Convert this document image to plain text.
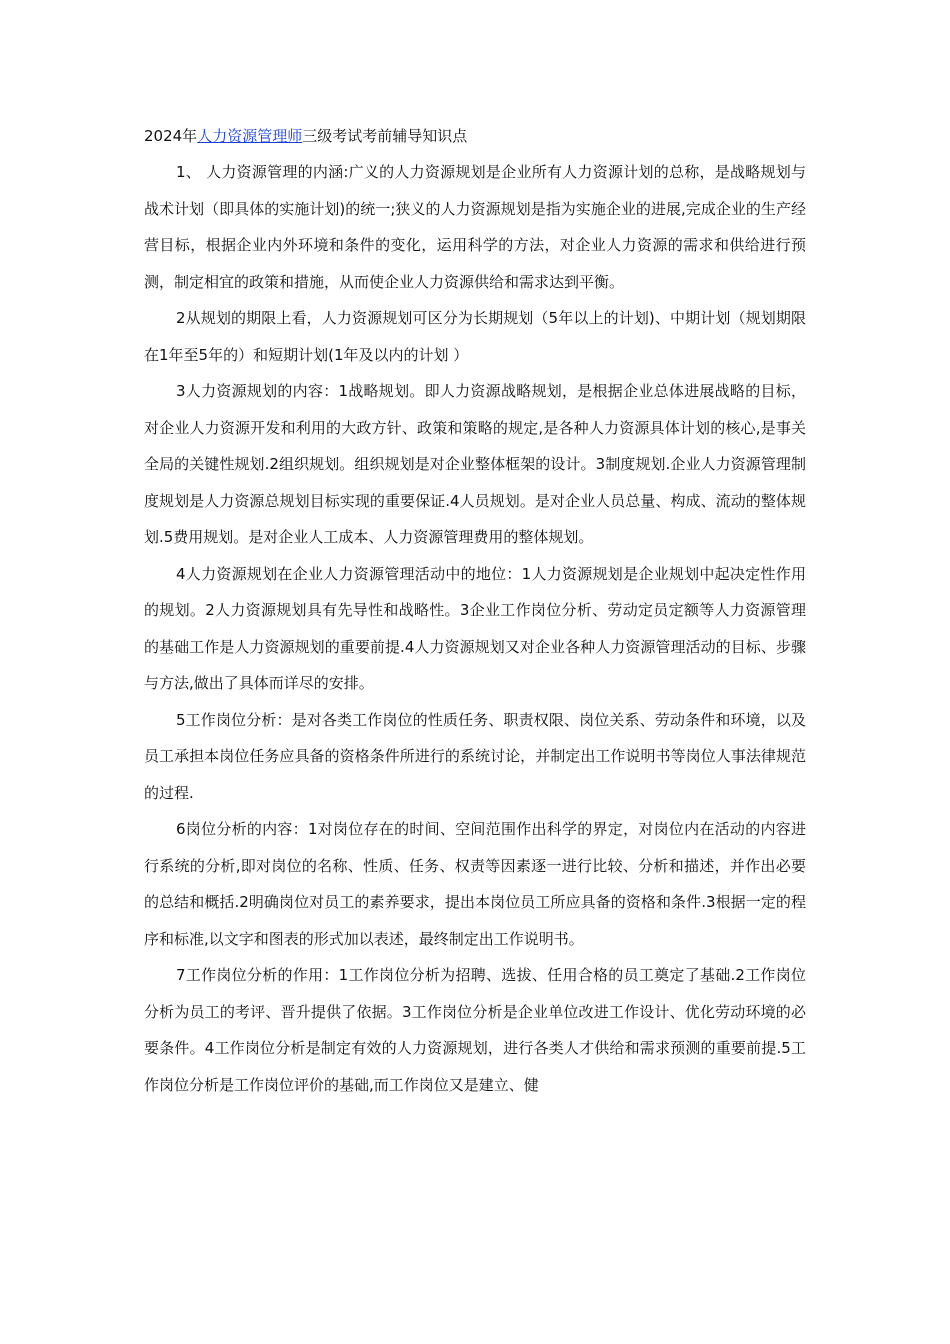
2024年人力资源管理师三级考试考前辅导知识点

1、 人力资源管理的内涵:广义的人力资源规划是企业所有人力资源计划的总称，是战略规划与战术计划（即具体的实施计划)的统一;狭义的人力资源规划是指为实施企业的进展,完成企业的生产经营目标，根据企业内外环境和条件的变化，运用科学的方法，对企业人力资源的需求和供给进行预测，制定相宜的政策和措施，从而使企业人力资源供给和需求达到平衡。

2从规划的期限上看，人力资源规划可区分为长期规划（5年以上的计划)、中期计划（规划期限在1年至5年的）和短期计划(1年及以内的计划 ）

3人力资源规划的内容：1战略规划。即人力资源战略规划，是根据企业总体进展战略的目标，对企业人力资源开发和利用的大政方针、政策和策略的规定,是各种人力资源具体计划的核心,是事关全局的关键性规划.2组织规划。组织规划是对企业整体框架的设计。3制度规划.企业人力资源管理制度规划是人力资源总规划目标实现的重要保证.4人员规划。是对企业人员总量、构成、流动的整体规划.5费用规划。是对企业人工成本、人力资源管理费用的整体规划。

4人力资源规划在企业人力资源管理活动中的地位：1人力资源规划是企业规划中起决定性作用的规划。2人力资源规划具有先导性和战略性。3企业工作岗位分析、劳动定员定额等人力资源管理的基础工作是人力资源规划的重要前提.4人力资源规划又对企业各种人力资源管理活动的目标、步骤与方法,做出了具体而详尽的安排。

5工作岗位分析：是对各类工作岗位的性质任务、职责权限、岗位关系、劳动条件和环境，以及员工承担本岗位任务应具备的资格条件所进行的系统讨论，并制定出工作说明书等岗位人事法律规范的过程.

6岗位分析的内容：1对岗位存在的时间、空间范围作出科学的界定，对岗位内在活动的内容进行系统的分析,即对岗位的名称、性质、任务、权责等因素逐一进行比较、分析和描述，并作出必要的总结和概括.2明确岗位对员工的素养要求，提出本岗位员工所应具备的资格和条件.3根据一定的程序和标准,以文字和图表的形式加以表述，最终制定出工作说明书。

7工作岗位分析的作用：1工作岗位分析为招聘、选拔、任用合格的员工奠定了基础.2工作岗位分析为员工的考评、晋升提供了依据。3工作岗位分析是企业单位改进工作设计、优化劳动环境的必要条件。4工作岗位分析是制定有效的人力资源规划，进行各类人才供给和需求预测的重要前提.5工作岗位分析是工作岗位评价的基础,而工作岗位又是建立、健
